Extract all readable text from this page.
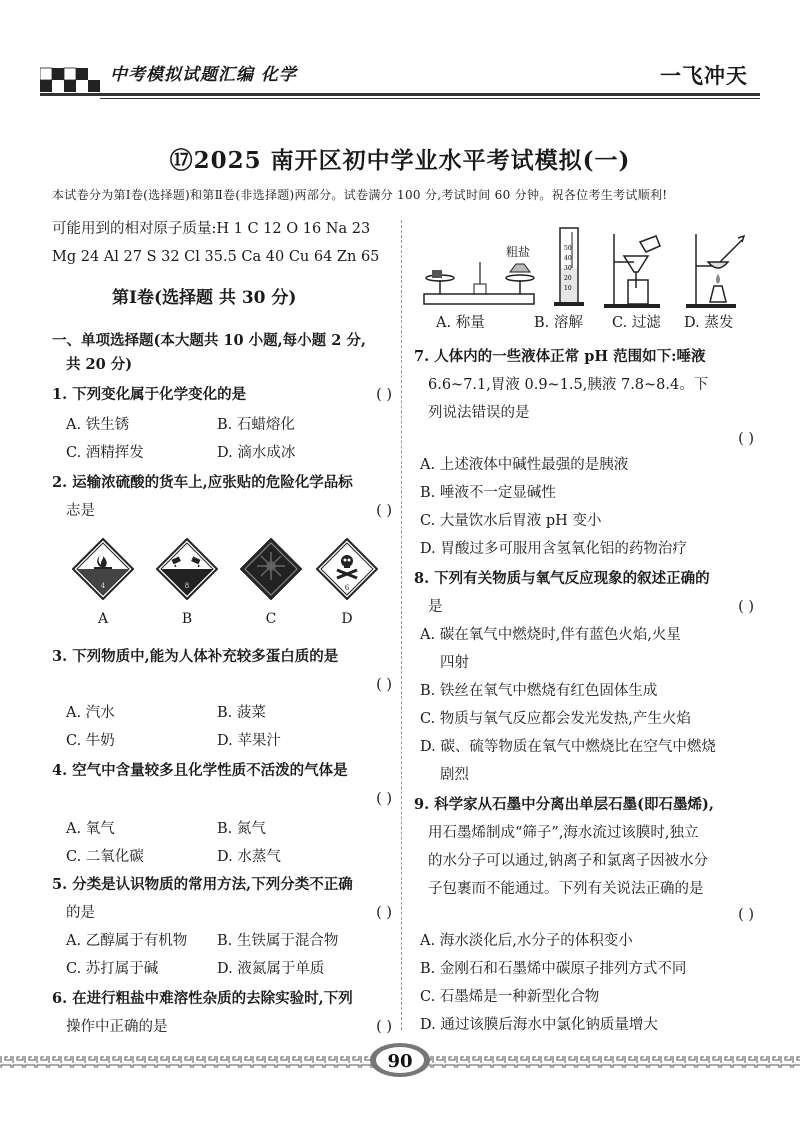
中考模拟试题汇编 化学	一飞冲天
⑰2025 南开区初中学业水平考试模拟(一)
本试卷分为第Ⅰ卷(选择题)和第Ⅱ卷(非选择题)两部分。试卷满分 100 分,考试时间 60 分钟。祝各位考生考试顺利!
可能用到的相对原子质量:H 1 C 12 O 16 Na 23
Mg 24 Al 27 S 32 Cl 35.5 Ca 40 Cu 64 Zn 65
第Ⅰ卷(选择题 共 30 分)
一、单项选择题(本大题共 10 小题,每小题 2 分,
共 20 分)
1. 下列变化属于化学变化的是	( )
A. 铁生锈	B. 石蜡熔化
C. 酒精挥发	D. 滴水成冰
2. 运输浓硫酸的货车上,应张贴的危险化学品标
志是	( )
4
A
8
B	C
6
D
3. 下列物质中,能为人体补充较多蛋白质的是
( )
A. 汽水	B. 菠菜
C. 牛奶	D. 苹果汁
4. 空气中含量较多且化学性质不活泼的气体是
( )
A. 氧气	B. 氮气
C. 二氧化碳	D. 水蒸气
5. 分类是认识物质的常用方法,下列分类不正确
的是	( )
A. 乙醇属于有机物 B. 生铁属于混合物
C. 苏打属于碱	D. 液氮属于单质
6. 在进行粗盐中难溶性杂质的去除实验时,下列
操作中正确的是	( )
粗盐	50
40
30
20
10
A. 称量	B. 溶解 C. 过滤 D. 蒸发
7. 人体内的一些液体正常 pH 范围如下:唾液
6.6~7.1,胃液 0.9~1.5,胰液 7.8~8.4。下
列说法错误的是
( )
A. 上述液体中碱性最强的是胰液
B. 唾液不一定显碱性
C. 大量饮水后胃液 pH 变小
D. 胃酸过多可服用含氢氧化铝的药物治疗
8. 下列有关物质与氧气反应现象的叙述正确的
是	( )
A. 碳在氧气中燃烧时,伴有蓝色火焰,火星
四射
B. 铁丝在氧气中燃烧有红色固体生成
C. 物质与氧气反应都会发光发热,产生火焰
D. 碳、硫等物质在氧气中燃烧比在空气中燃烧
剧烈
9. 科学家从石墨中分离出单层石墨(即石墨烯),
用石墨烯制成“筛子”,海水流过该膜时,独立
的水分子可以通过,钠离子和氯离子因被水分
子包裹而不能通过。下列有关说法正确的是
( )
A. 海水淡化后,水分子的体积变小
B. 金刚石和石墨烯中碳原子排列方式不同
C. 石墨烯是一种新型化合物
D. 通过该膜后海水中氯化钠质量增大
90
